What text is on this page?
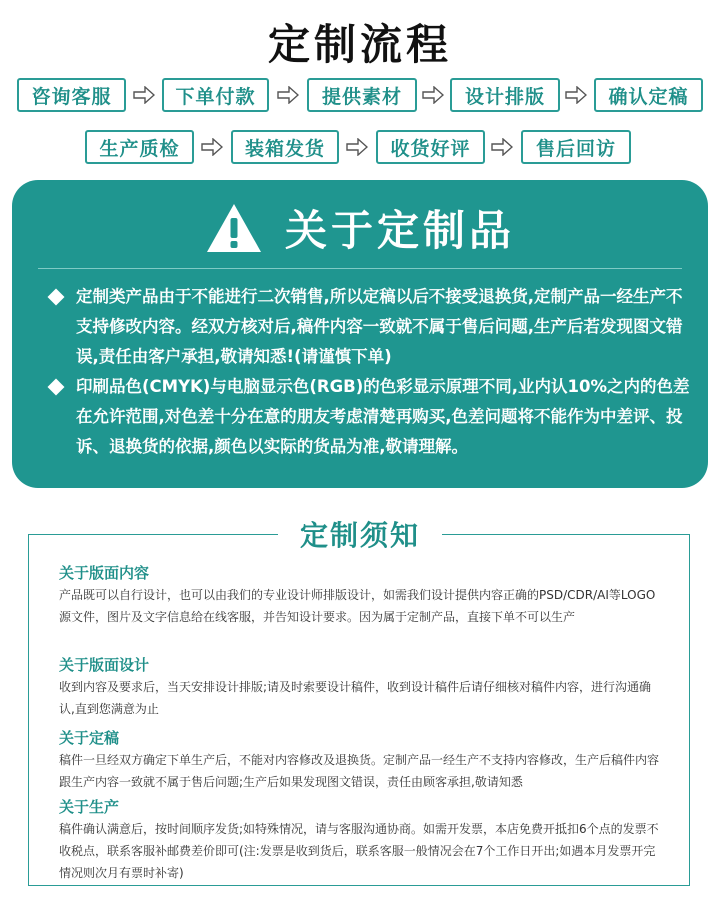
定制流程
咨询客服	下单付款	提供素材	设计排版	确认定稿
生产质检	装箱发货	收货好评	售后回访
关于定制品
定制类产品由于不能进行二次销售,所以定稿以后不接受退换货,定制产品一经生产不支持修改内容。经双方核对后,稿件内容一致就不属于售后问题,生产后若发现图文错误,责任由客户承担,敬请知悉!(请谨慎下单)
印刷品色(CMYK)与电脑显示色(RGB)的色彩显示原理不同,业内认10%之内的色差在允许范围,对色差十分在意的朋友考虑清楚再购买,色差问题将不能作为中差评、投诉、退换货的依据,颜色以实际的货品为准,敬请理解。
定制须知
关于版面内容
产品既可以自行设计，也可以由我们的专业设计师排版设计，如需我们设计提供内容正确的PSD/CDR/AI等LOGO源文件，图片及文字信息给在线客服，并告知设计要求。因为属于定制产品，直接下单不可以生产
关于版面设计
收到内容及要求后，当天安排设计排版;请及时索要设计稿件，收到设计稿件后请仔细核对稿件内容，进行沟通确认,直到您满意为止
关于定稿
稿件一旦经双方确定下单生产后，不能对内容修改及退换货。定制产品一经生产不支持内容修改，生产后稿件内容跟生产内容一致就不属于售后问题;生产后如果发现图文错误，责任由顾客承担,敬请知悉
关于生产
稿件确认满意后，按时间顺序发货;如特殊情况，请与客服沟通协商。如需开发票，本店免费开抵扣6个点的发票不收税点，联系客服补邮费差价即可(注:发票是收到货后，联系客服一般情况会在7个工作日开出;如遇本月发票开完情况则次月有票时补寄)
